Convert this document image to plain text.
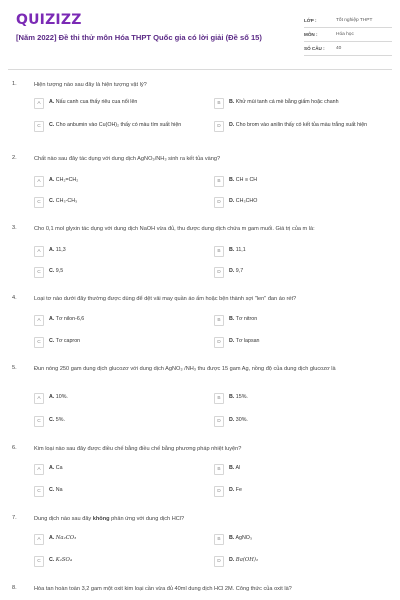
QUIZIZZ
[Năm 2022] Đề thi thử môn Hóa THPT Quốc gia có lời giải (Đề số 15)
LỚP :	Tốt nghiệp THPT
MÔN :	Hóa học
SỐ CÂU :	40
1.	Hiện tượng nào sau đây là hiện tượng vật lý?
A	A. Nấu canh cua thấy riêu cua nổi lên	B	B. Khử mùi tanh cá mè bằng giấm hoặc chanh
C	C. Cho anbumin vào Cu(OH)₂ thấy có màu tím xuất hiện	D	D. Cho brom vào anilin thấy có kết tủa màu trắng xuất hiện
2.	Chất nào sau đây tác dụng với dung dịch AgNO₃/NH₃ sinh ra kết tủa vàng?
A	A. CH₂=CH₂	B	B. CH ≡ CH
C	C. CH₃-CH₃	D	D. CH₃CHO
3.	Cho 0,1 mol glyxin tác dụng với dung dịch NaOH vừa đủ, thu được dung dịch chứa m gam muối. Giá trị của m là:
A	A. 11,3	B	B. 11,1
C	C. 9,5	D	D. 9,7
4.	Loại tơ nào dưới đây thường được dùng để dệt vải may quần áo ấm hoặc bện thành sợi "len" đan áo rét?
A	A. Tơ nilon-6,6	B	B. Tơ nitron
C	C. Tơ capron	D	D. Tơ lapsan
5.	Đun nóng 250 gam dung dịch glucozơ với dung dịch AgNO₃ /NH₃ thu được 15 gam Ag, nồng độ của dung dịch glucozơ là
A	A. 10%.	B	B. 15%.
C	C. 5%.	D	D. 30%.
6.	Kim loại nào sau đây được điều chế bằng điều chế bằng phương pháp nhiệt luyện?
A	A. Ca	B	B. Al
C	C. Na	D	D. Fe
7.	Dung dịch nào sau đây không phản ứng với dung dịch HCl?
A	A. Na₂CO₃	B	B. AgNO₃
C	C. K₂SO₄	D	D. Ba(OH)₂
8.	Hòa tan hoàn toàn 3,2 gam một oxit kim loại cần vừa đủ 40ml dung dịch HCl 2M. Công thức của oxit là?
